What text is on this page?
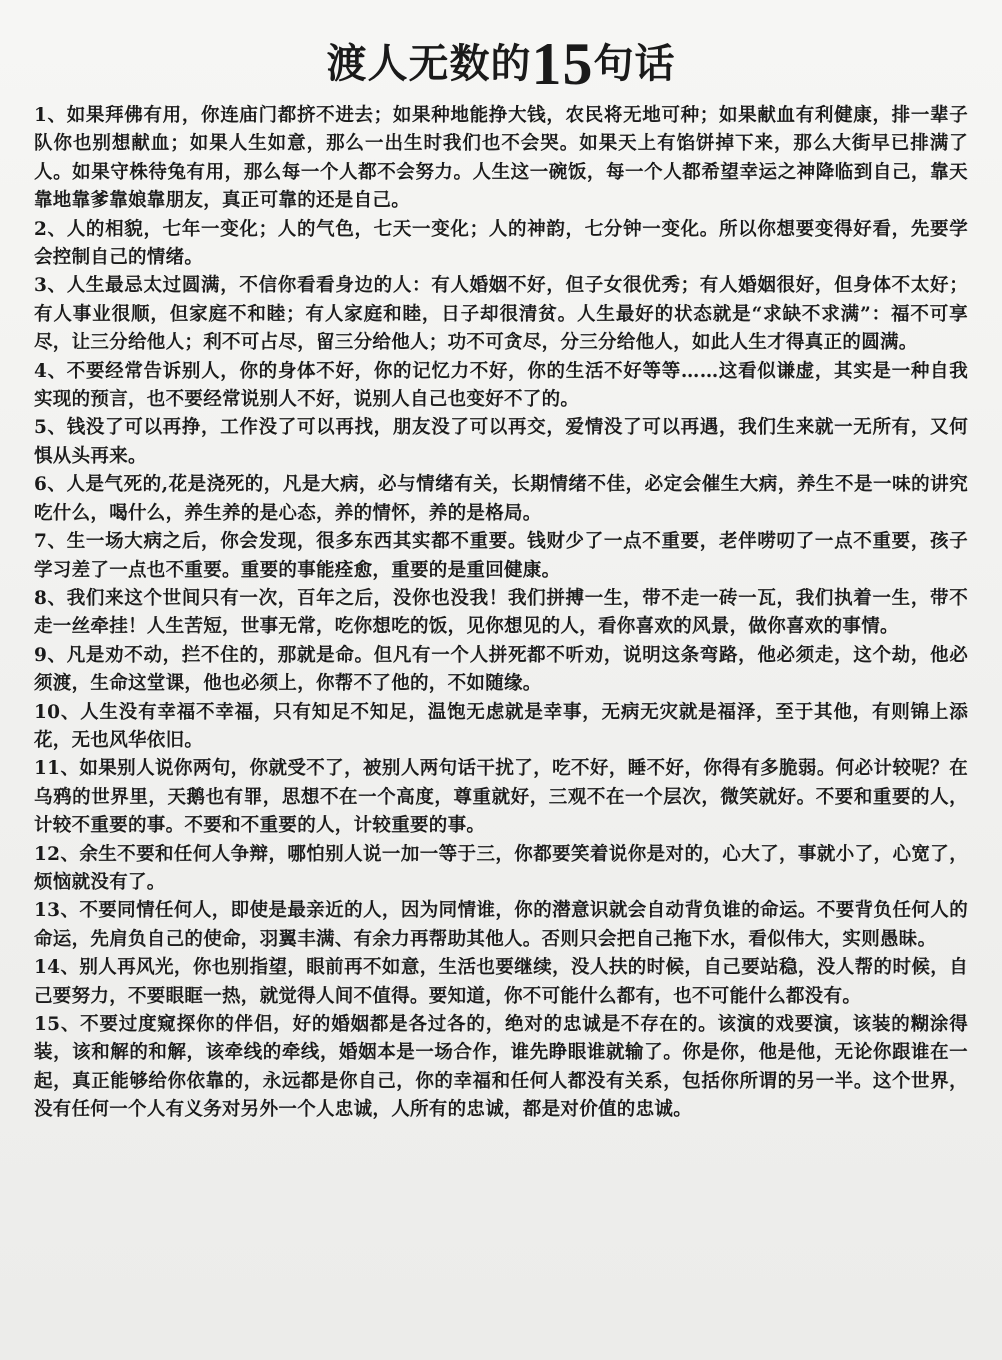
渡人无数的15句话

1、如果拜佛有用，你连庙门都挤不进去；如果种地能挣大钱，农民将无地可种；如果献血有利健康，排一辈子队你也别想献血；如果人生如意，那么一出生时我们也不会哭。如果天上有馅饼掉下来，那么大街早已排满了人。如果守株待兔有用，那么每一个人都不会努力。人生这一碗饭，每一个人都希望幸运之神降临到自己，靠天靠地靠爹靠娘靠朋友，真正可靠的还是自己。

2、人的相貌，七年一变化；人的气色，七天一变化；人的神韵，七分钟一变化。所以你想要变得好看，先要学会控制自己的情绪。

3、人生最忌太过圆满，不信你看看身边的人：有人婚姻不好，但子女很优秀；有人婚姻很好，但身体不太好；有人事业很顺，但家庭不和睦；有人家庭和睦，日子却很清贫。人生最好的状态就是“求缺不求满”：福不可享尽，让三分给他人；利不可占尽，留三分给他人；功不可贪尽，分三分给他人，如此人生才得真正的圆满。

4、不要经常告诉别人，你的身体不好，你的记忆力不好，你的生活不好等等……这看似谦虚，其实是一种自我实现的预言，也不要经常说别人不好，说别人自己也变好不了的。

5、钱没了可以再挣，工作没了可以再找，朋友没了可以再交，爱情没了可以再遇，我们生来就一无所有，又何惧从头再来。

6、人是气死的,花是浇死的，凡是大病，必与情绪有关，长期情绪不佳，必定会催生大病，养生不是一味的讲究吃什么，喝什么，养生养的是心态，养的情怀，养的是格局。

7、生一场大病之后，你会发现，很多东西其实都不重要。钱财少了一点不重要，老伴唠叨了一点不重要，孩子学习差了一点也不重要。重要的事能痊愈，重要的是重回健康。

8、我们来这个世间只有一次，百年之后，没你也没我！我们拼搏一生，带不走一砖一瓦，我们执着一生，带不走一丝牵挂！人生苦短，世事无常，吃你想吃的饭，见你想见的人，看你喜欢的风景，做你喜欢的事情。

9、凡是劝不动，拦不住的，那就是命。但凡有一个人拼死都不听劝，说明这条弯路，他必须走，这个劫，他必须渡，生命这堂课，他也必须上，你帮不了他的，不如随缘。

10、人生没有幸福不幸福，只有知足不知足，温饱无虑就是幸事，无病无灾就是福泽，至于其他，有则锦上添花，无也风华依旧。

11、如果别人说你两句，你就受不了，被别人两句话干扰了，吃不好，睡不好，你得有多脆弱。何必计较呢？在乌鸦的世界里，天鹅也有罪，思想不在一个高度，尊重就好，三观不在一个层次，微笑就好。不要和重要的人，计较不重要的事。不要和不重要的人，计较重要的事。

12、余生不要和任何人争辩，哪怕别人说一加一等于三，你都要笑着说你是对的，心大了，事就小了，心宽了，烦恼就没有了。

13、不要同情任何人，即使是最亲近的人，因为同情谁，你的潜意识就会自动背负谁的命运。不要背负任何人的命运，先肩负自己的使命，羽翼丰满、有余力再帮助其他人。否则只会把自己拖下水，看似伟大，实则愚昧。

14、别人再风光，你也别指望，眼前再不如意，生活也要继续，没人扶的时候，自己要站稳，没人帮的时候，自己要努力，不要眼眶一热，就觉得人间不值得。要知道，你不可能什么都有，也不可能什么都没有。

15、不要过度窥探你的伴侣，好的婚姻都是各过各的，绝对的忠诚是不存在的。该演的戏要演，该装的糊涂得装，该和解的和解，该牵线的牵线，婚姻本是一场合作，谁先睁眼谁就输了。你是你，他是他，无论你跟谁在一起，真正能够给你依靠的，永远都是你自己，你的幸福和任何人都没有关系，包括你所谓的另一半。这个世界，没有任何一个人有义务对另外一个人忠诚，人所有的忠诚，都是对价值的忠诚。
